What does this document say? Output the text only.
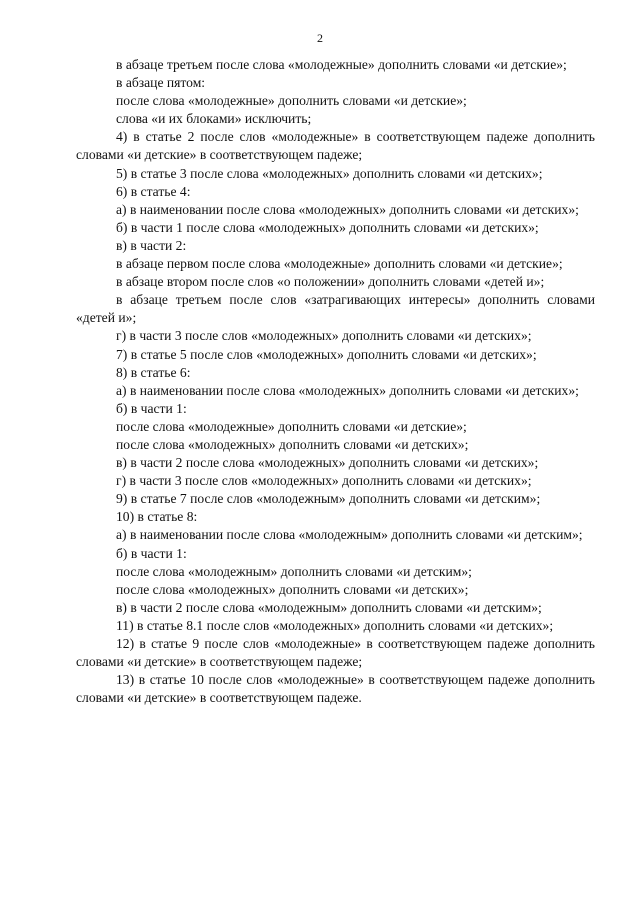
2

в абзаце третьем после слова «молодежные» дополнить словами «и детские»;

в абзаце пятом:

после слова «молодежные» дополнить словами «и детские»;

слова «и их блоками» исключить;

4) в статье 2 после слов «молодежные» в соответствующем падеже дополнить словами «и детские» в соответствующем падеже;

5) в статье 3 после слова «молодежных» дополнить словами «и детских»;

6) в статье 4:

а) в наименовании после слова «молодежных» дополнить словами «и детских»;

б) в части 1 после слова «молодежных» дополнить словами «и детских»;

в) в части 2:

в абзаце первом после слова «молодежные» дополнить словами «и детские»;

в абзаце втором после слов «о положении» дополнить словами «детей и»;

в абзаце третьем после слов «затрагивающих интересы» дополнить словами «детей и»;

г) в части 3 после слов «молодежных» дополнить словами «и детских»;

7) в статье 5 после слов «молодежных» дополнить словами «и детских»;

8) в статье 6:

а) в наименовании после слова «молодежных» дополнить словами «и детских»;

б) в части 1:

после слова «молодежные» дополнить словами «и детские»;

после слова «молодежных» дополнить словами «и детских»;

в) в части 2 после слова «молодежных» дополнить словами «и детских»;

г) в части 3 после слов «молодежных» дополнить словами «и детских»;

9) в статье 7 после слов «молодежным» дополнить словами «и детским»;

10) в статье 8:

а) в наименовании после слова «молодежным» дополнить словами «и детским»;

б) в части 1:

после слова «молодежным» дополнить словами «и детским»;

после слова «молодежных» дополнить словами «и детских»;

в) в части 2 после слова «молодежным» дополнить словами «и детским»;

11) в статье 8.1 после слов «молодежных» дополнить словами «и детских»;

12) в статье 9 после слов «молодежные» в соответствующем падеже дополнить словами «и детские» в соответствующем падеже;

13) в статье 10 после слов «молодежные» в соответствующем падеже дополнить словами «и детские» в соответствующем падеже.
